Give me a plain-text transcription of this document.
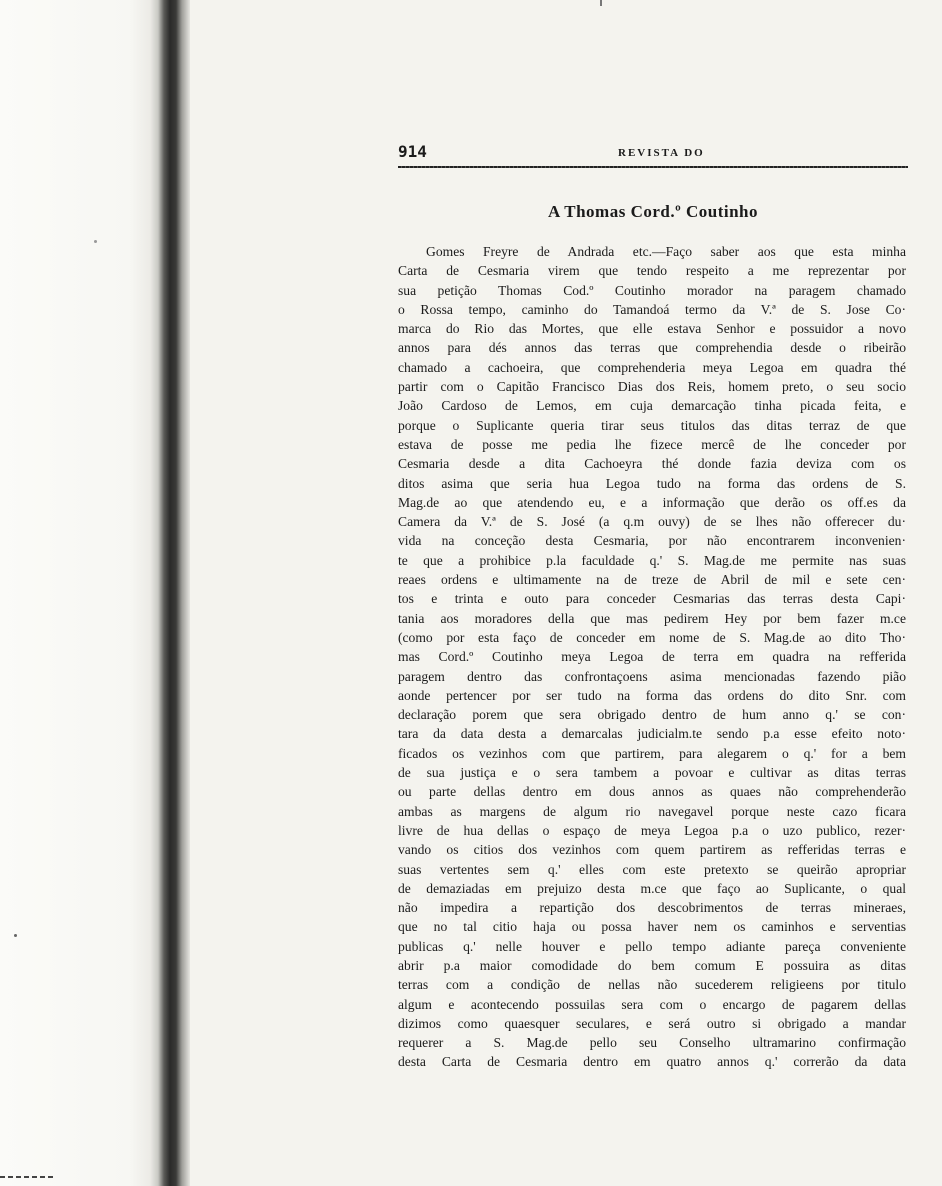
914	REVISTA DO
A Thomas Cord.º Coutinho
Gomes Freyre de Andrada etc.—Faço saber aos que esta minha
Carta de Cesmaria virem que tendo respeito a me reprezentar por
sua petição Thomas Cod.º Coutinho morador na paragem chamado
o Rossa tempo, caminho do Tamandoá termo da V.ª de S. Jose Co·
marca do Rio das Mortes, que elle estava Senhor e possuidor a novo
annos para dés annos das terras que comprehendia desde o ribeirão
chamado a cachoeira, que comprehenderia meya Legoa em quadra thé
partir com o Capitão Francisco Dias dos Reis, homem preto, o seu socio
João Cardoso de Lemos, em cuja demarcação tinha picada feita, e
porque o Suplicante queria tirar seus titulos das ditas terraz de que
estava de posse me pedia lhe fizece mercê de lhe conceder por
Cesmaria desde a dita Cachoeyra thé donde fazia deviza com os
ditos asima que seria hua Legoa tudo na forma das ordens de S.
Mag.de ao que atendendo eu, e a informação que derão os off.es da
Camera da V.ª de S. José (a q.m ouvy) de se lhes não offerecer du·
vida na conceção desta Cesmaria, por não encontrarem inconvenien·
te que a prohibice p.la faculdade q.' S. Mag.de me permite nas suas
reaes ordens e ultimamente na de treze de Abril de mil e sete cen·
tos e trinta e outo para conceder Cesmarias das terras desta Capi·
tania aos moradores della que mas pedirem Hey por bem fazer m.ce
(como por esta faço de conceder em nome de S. Mag.de ao dito Tho·
mas Cord.º Coutinho meya Legoa de terra em quadra na refferida
paragem dentro das confrontaçoens asima mencionadas fazendo pião
aonde pertencer por ser tudo na forma das ordens do dito Snr. com
declaração porem que sera obrigado dentro de hum anno q.' se con·
tara da data desta a demarcalas judicialm.te sendo p.a esse efeito noto·
ficados os vezinhos com que partirem, para alegarem o q.' for a bem
de sua justiça e o sera tambem a povoar e cultivar as ditas terras
ou parte dellas dentro em dous annos as quaes não comprehenderão
ambas as margens de algum rio navegavel porque neste cazo ficara
livre de hua dellas o espaço de meya Legoa p.a o uzo publico, rezer·
vando os citios dos vezinhos com quem partirem as refferidas terras e
suas vertentes sem q.' elles com este pretexto se queirão apropriar
de demaziadas em prejuizo desta m.ce que faço ao Suplicante, o qual
não impedira a repartição dos descobrimentos de terras mineraes,
que no tal citio haja ou possa haver nem os caminhos e serventias
publicas q.' nelle houver e pello tempo adiante pareça conveniente
abrir p.a maior comodidade do bem comum E possuira as ditas
terras com a condição de nellas não sucederem religieens por titulo
algum e acontecendo possuilas sera com o encargo de pagarem dellas
dizimos como quaesquer seculares, e será outro si obrigado a mandar
requerer a S. Mag.de pello seu Conselho ultramarino confirmação
desta Carta de Cesmaria dentro em quatro annos q.' correrão da data
